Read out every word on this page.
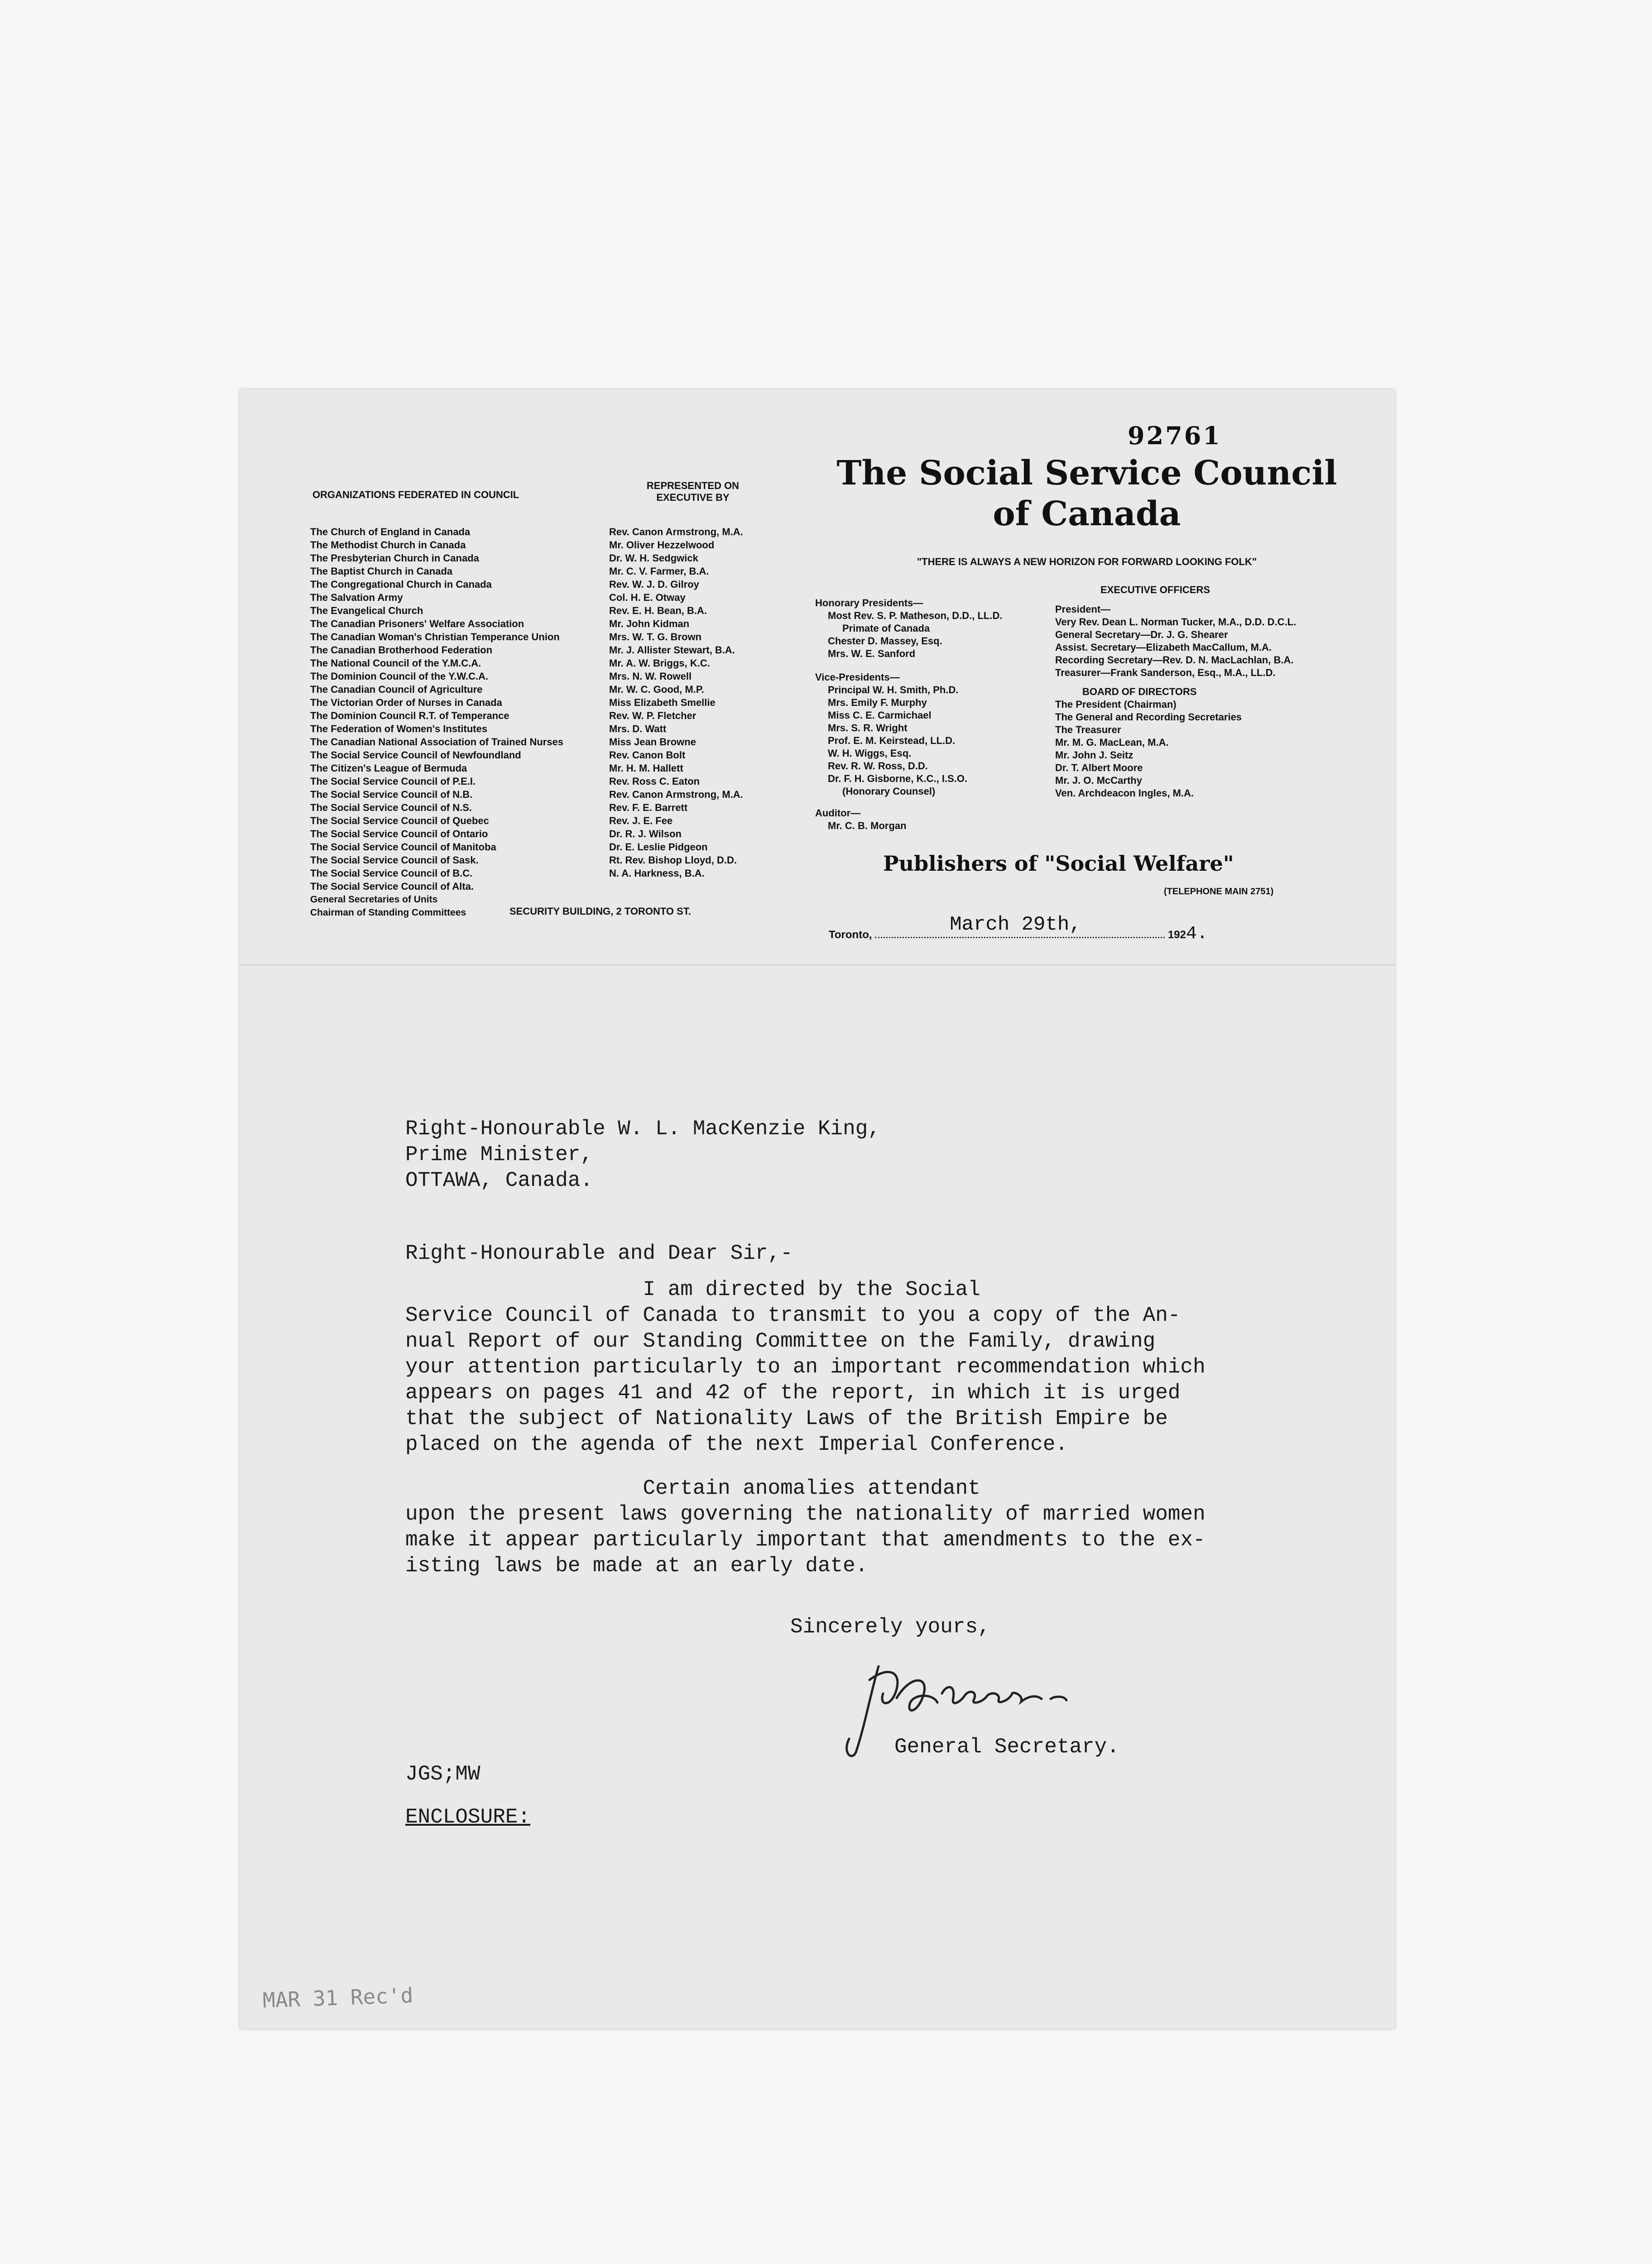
92761
ORGANIZATIONS FEDERATED IN COUNCIL
REPRESENTED ON
EXECUTIVE BY
The Church of England in Canada	Rev. Canon Armstrong, M.A.
The Methodist Church in Canada	Mr. Oliver Hezzelwood
The Presbyterian Church in Canada	Dr. W. H. Sedgwick
The Baptist Church in Canada	Mr. C. V. Farmer, B.A.
The Congregational Church in Canada	Rev. W. J. D. Gilroy
The Salvation Army	Col. H. E. Otway
The Evangelical Church	Rev. E. H. Bean, B.A.
The Canadian Prisoners' Welfare Association	Mr. John Kidman
The Canadian Woman's Christian Temperance Union	Mrs. W. T. G. Brown
The Canadian Brotherhood Federation	Mr. J. Allister Stewart, B.A.
The National Council of the Y.M.C.A.	Mr. A. W. Briggs, K.C.
The Dominion Council of the Y.W.C.A.	Mrs. N. W. Rowell
The Canadian Council of Agriculture	Mr. W. C. Good, M.P.
The Victorian Order of Nurses in Canada	Miss Elizabeth Smellie
The Dominion Council R.T. of Temperance	Rev. W. P. Fletcher
The Federation of Women's Institutes	Mrs. D. Watt
The Canadian National Association of Trained Nurses	Miss Jean Browne
The Social Service Council of Newfoundland	Rev. Canon Bolt
The Citizen's League of Bermuda	Mr. H. M. Hallett
The Social Service Council of P.E.I.	Rev. Ross C. Eaton
The Social Service Council of N.B.	Rev. Canon Armstrong, M.A.
The Social Service Council of N.S.	Rev. F. E. Barrett
The Social Service Council of Quebec	Rev. J. E. Fee
The Social Service Council of Ontario	Dr. R. J. Wilson
The Social Service Council of Manitoba	Dr. E. Leslie Pidgeon
The Social Service Council of Sask.	Rt. Rev. Bishop Lloyd, D.D.
The Social Service Council of B.C.	N. A. Harkness, B.A.
The Social Service Council of Alta.
General Secretaries of Units
Chairman of Standing Committees	SECURITY BUILDING, 2 TORONTO ST.
The Social Service Council
of Canada
"THERE IS ALWAYS A NEW HORIZON FOR FORWARD LOOKING FOLK"
EXECUTIVE OFFICERS
Honorary Presidents—
Most Rev. S. P. Matheson, D.D., LL.D.
Primate of Canada
Chester D. Massey, Esq.
Mrs. W. E. Sanford
Vice-Presidents—
Principal W. H. Smith, Ph.D.
Mrs. Emily F. Murphy
Miss C. E. Carmichael
Mrs. S. R. Wright
Prof. E. M. Keirstead, LL.D.
W. H. Wiggs, Esq.
Rev. R. W. Ross, D.D.
Dr. F. H. Gisborne, K.C., I.S.O.
(Honorary Counsel)
Auditor—
Mr. C. B. Morgan
President—
Very Rev. Dean L. Norman Tucker, M.A., D.D. D.C.L.
General Secretary—Dr. J. G. Shearer
Assist. Secretary—Elizabeth MacCallum, M.A.
Recording Secretary—Rev. D. N. MacLachlan, B.A.
Treasurer—Frank Sanderson, Esq., M.A., LL.D.
BOARD OF DIRECTORS
The President (Chairman)
The General and Recording Secretaries
The Treasurer
Mr. M. G. MacLean, M.A.
Mr. John J. Seitz
Dr. T. Albert Moore
Mr. J. O. McCarthy
Ven. Archdeacon Ingles, M.A.
Publishers of "Social Welfare"
(TELEPHONE MAIN 2751)
Toronto,	March 29th,	1924.
Right-Honourable W. L. MacKenzie King,
Prime Minister,
OTTAWA, Canada.
Right-Honourable and Dear Sir,-
I am directed by the Social
Service Council of Canada to transmit to you a copy of the An-
nual Report of our Standing Committee on the Family, drawing
your attention particularly to an important recommendation which
appears on pages 41 and 42 of the report, in which it is urged
that the subject of Nationality Laws of the British Empire be
placed on the agenda of the next Imperial Conference.
Certain anomalies attendant
upon the present laws governing the nationality of married women
make it appear particularly important that amendments to the ex-
isting laws be made at an early date.
Sincerely yours,
General Secretary.
JGS;MW
ENCLOSURE:
MAR 31 Rec'd
